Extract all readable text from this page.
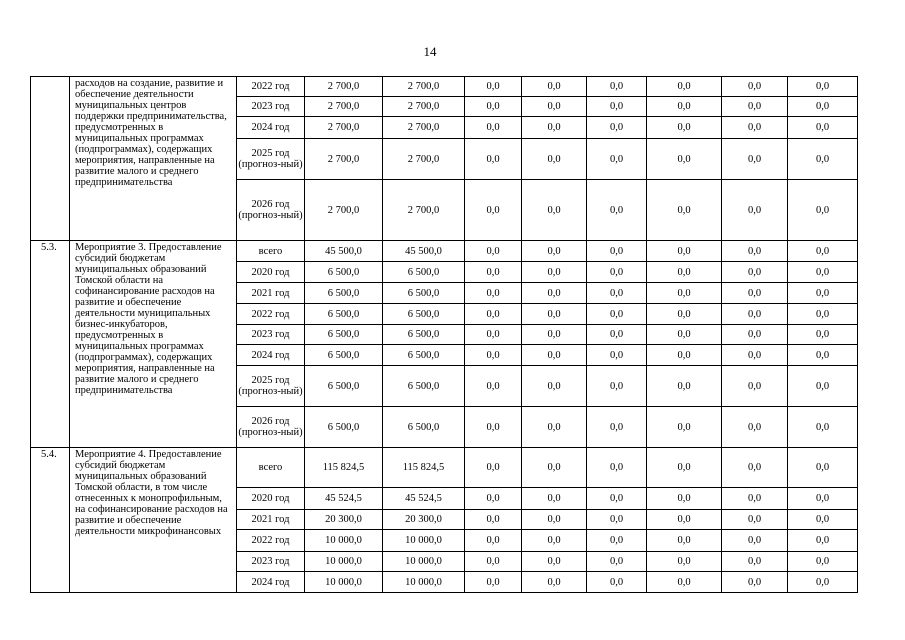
14
	расходов на создание, развитие и обеспечение деятельности муниципальных центров поддержки предпринимательства, предусмотренных в муниципальных программах (подпрограммах), содержащих мероприятия, направленные на развитие малого и среднего предпринимательства	2022 год	2 700,0	2 700,0	0,0	0,0	0,0	0,0	0,0	0,0
		2023 год	2 700,0	2 700,0	0,0	0,0	0,0	0,0	0,0	0,0
		2024 год	2 700,0	2 700,0	0,0	0,0	0,0	0,0	0,0	0,0
		2025 год (прогноз-ный)	2 700,0	2 700,0	0,0	0,0	0,0	0,0	0,0	0,0
		2026 год (прогноз-ный)	2 700,0	2 700,0	0,0	0,0	0,0	0,0	0,0	0,0
5.3.	Мероприятие 3. Предоставление субсидий бюджетам муниципальных образований Томской области на софинансирование расходов на развитие и обеспечение деятельности муниципальных бизнес-инкубаторов, предусмотренных в муниципальных программах (подпрограммах), содержащих мероприятия, направленные на развитие малого и среднего предпринимательства	всего	45 500,0	45 500,0	0,0	0,0	0,0	0,0	0,0	0,0
		2020 год	6 500,0	6 500,0	0,0	0,0	0,0	0,0	0,0	0,0
		2021 год	6 500,0	6 500,0	0,0	0,0	0,0	0,0	0,0	0,0
		2022 год	6 500,0	6 500,0	0,0	0,0	0,0	0,0	0,0	0,0
		2023 год	6 500,0	6 500,0	0,0	0,0	0,0	0,0	0,0	0,0
		2024 год	6 500,0	6 500,0	0,0	0,0	0,0	0,0	0,0	0,0
		2025 год (прогноз-ный)	6 500,0	6 500,0	0,0	0,0	0,0	0,0	0,0	0,0
		2026 год (прогноз-ный)	6 500,0	6 500,0	0,0	0,0	0,0	0,0	0,0	0,0
5.4.	Мероприятие 4. Предоставление субсидий бюджетам муниципальных образований Томской области, в том числе отнесенных к монопрофильным, на софинансирование расходов на развитие и обеспечение деятельности микрофинансовых	всего	115 824,5	115 824,5	0,0	0,0	0,0	0,0	0,0	0,0
		2020 год	45 524,5	45 524,5	0,0	0,0	0,0	0,0	0,0	0,0
		2021 год	20 300,0	20 300,0	0,0	0,0	0,0	0,0	0,0	0,0
		2022 год	10 000,0	10 000,0	0,0	0,0	0,0	0,0	0,0	0,0
		2023 год	10 000,0	10 000,0	0,0	0,0	0,0	0,0	0,0	0,0
		2024 год	10 000,0	10 000,0	0,0	0,0	0,0	0,0	0,0	0,0
